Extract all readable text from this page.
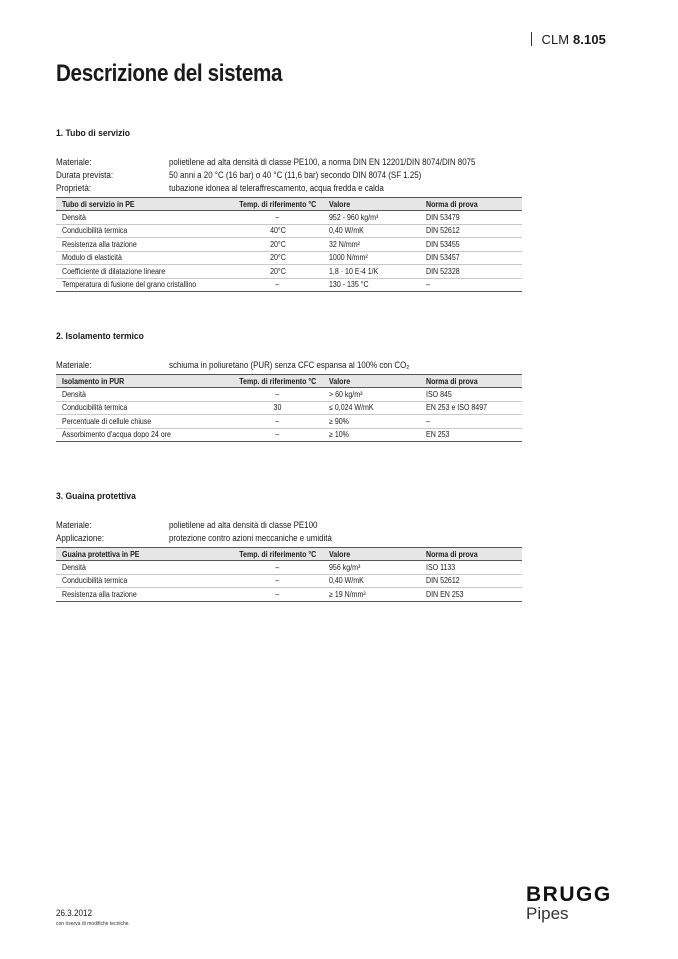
CLM 8.105
Descrizione del sistema
1. Tubo di servizio
Materiale:	polietilene ad alta densità di classe PE100, a norma DIN EN 12201/DIN 8074/DIN 8075
Durata prevista:	50 anni a 20 °C (16 bar) o 40 °C (11,6 bar) secondo DIN 8074 (SF 1.25)
Proprietà:	tubazione idonea al teleraffrescamento, acqua fredda e calda
Tubo di servizio in PE	Temp. di riferimento °C	Valore	Norma di prova
Densità	–	952 - 960 kg/m³	DIN 53479
Conducibilità termica	40°C	0,40 W/mK	DIN 52612
Resistenza alla trazione	20°C	32 N/mm²	DIN 53455
Modulo di elasticità	20°C	1000 N/mm²	DIN 53457
Coefficiente di dilatazione lineare	20°C	1,8 · 10 E-4 1/K	DIN 52328
Temperatura di fusione del grano cristallino	–	130 - 135 °C	–
2. Isolamento termico
Materiale:	schiuma in poliuretano (PUR) senza CFC espansa al 100% con CO₂
Isolamento in PUR	Temp. di riferimento °C	Valore	Norma di prova
Densità	–	> 60 kg/m³	ISO 845
Conducibilità termica	30	≤ 0,024 W/mK	EN 253 e ISO 8497
Percentuale di cellule chiuse	–	≥ 90%	–
Assorbimento d'acqua dopo 24 ore	–	≥ 10%	EN 253
3. Guaina protettiva
Materiale:	polietilene ad alta densità di classe PE100
Applicazione:	protezione contro azioni meccaniche e umidità
Guaina protettiva in PE	Temp. di riferimento °C	Valore	Norma di prova
Densità	–	956 kg/m³	ISO 1133
Conducibilità termica	–	0,40 W/mK	DIN 52612
Resistenza alla trazione	–	≥ 19 N/mm²	DIN EN 253
26.3.2012
con riserva di modifiche tecniche.
BRUGG
Pipes
